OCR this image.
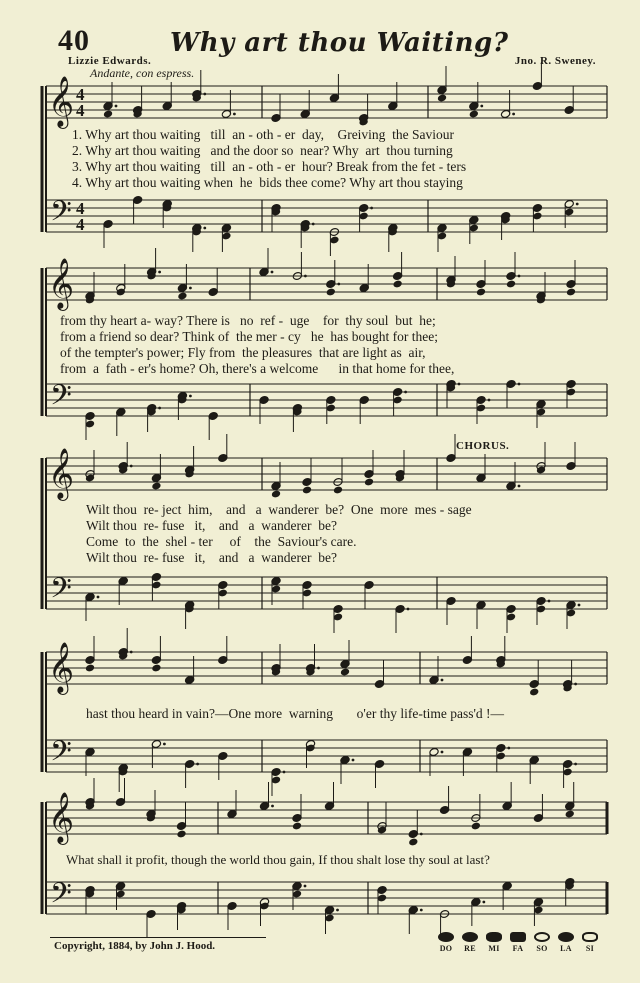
40	Why art thou Waiting?
Lizzie Edwards.	Jno. R. Sweney.
Andante, con espress.
𝄞
𝄢
4
4
4
4
𝄞
𝄢
𝄞
𝄢
𝄞
𝄢
𝄞
𝄢
1. Why art thou waiting   till  an - oth - er  day,    Greiving  the Saviour
2. Why art thou waiting   and the door so  near? Why  art  thou turning
3. Why art thou waiting   till  an - oth - er  hour? Break from the fet - ters
4. Why art thou waiting when  he  bids thee come? Why art thou staying
from thy heart a- way? There is   no  ref -  uge    for  thy soul  but  he;
from a friend so dear? Think of  the mer - cy   he  has bought for thee;
of the tempter's power; Fly from  the pleasures  that are light as  air,
from  a  fath - er's home? Oh, there's a welcome      in that home for thee,
CHORUS.
Wilt thou  re- ject  him,    and   a  wanderer  be?  One  more  mes - sage
Wilt thou  re- fuse   it,    and   a  wanderer  be?
Come  to  the  shel - ter     of    the  Saviour's care.
Wilt thou  re- fuse   it,    and   a  wanderer  be?
hast thou heard in vain?—One more  warning       o'er thy life-time pass'd !—
What shall it profit, though the world thou gain, If thou shalt lose thy soul at last?
Copyright, 1884, by John J. Hood.	DO	RE	MI	FA	SO	LA	SI
